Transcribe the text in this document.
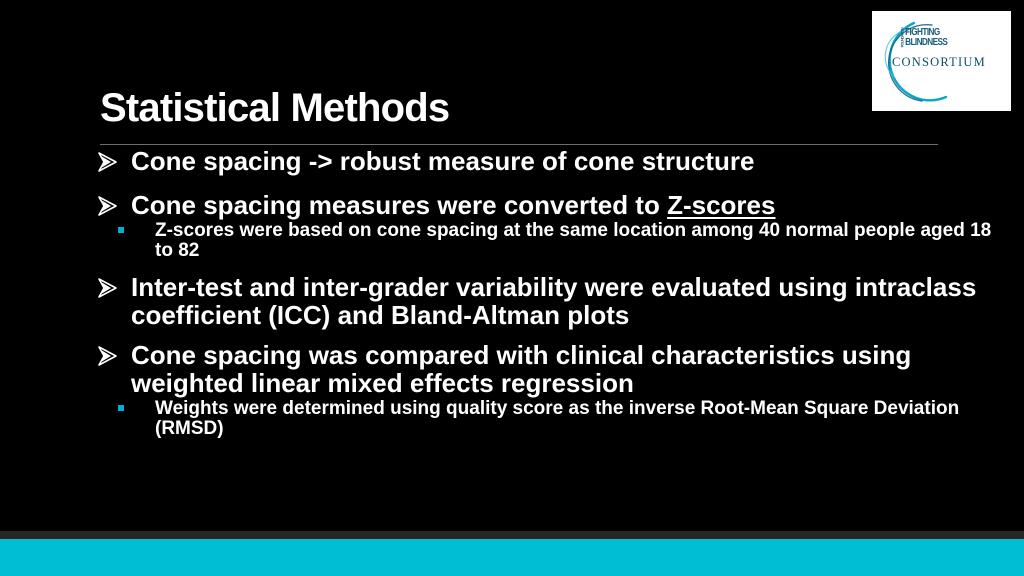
Statistical Methods
FOUNDATION FIGHTING
BLINDNESS
CONSORTIUM
Cone spacing -> robust measure of cone structure
Cone spacing measures were converted to Z-scores
Z-scores were based on cone spacing at the same location among 40 normal people aged 18 to 82
Inter-test and inter-grader variability were evaluated using intraclass coefficient (ICC) and Bland-Altman plots
Cone spacing was compared with clinical characteristics using weighted linear mixed effects regression
Weights were determined using quality score as the inverse Root-Mean Square Deviation (RMSD)
